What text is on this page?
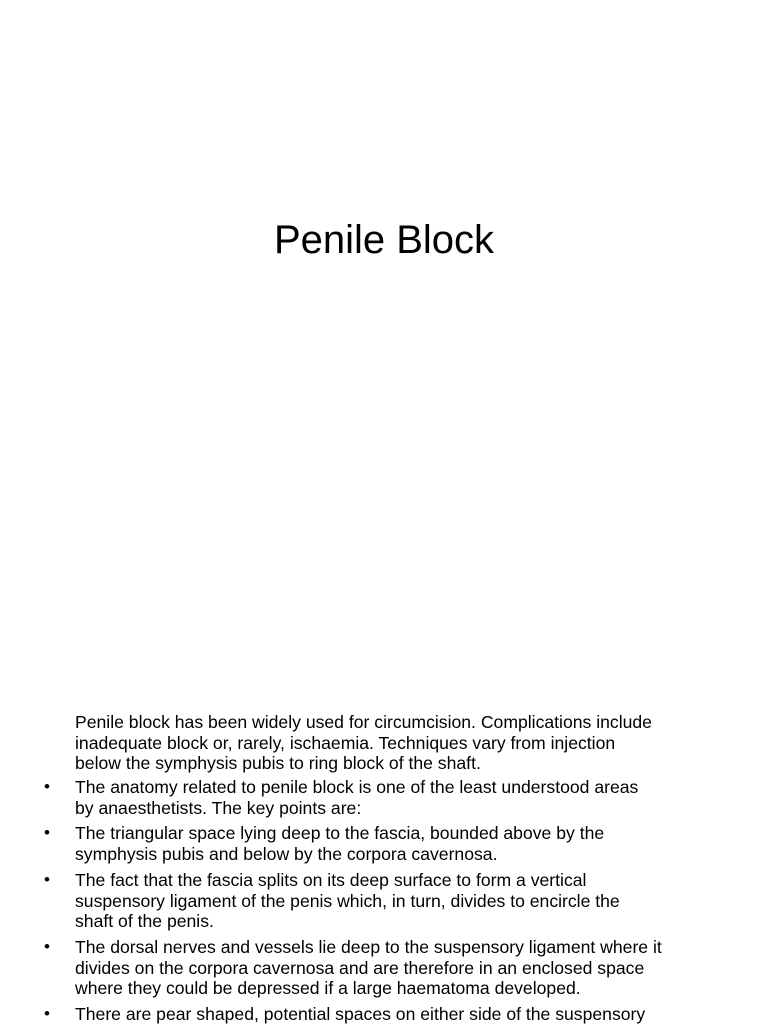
Penile Block
Penile block has been widely used for circumcision. Complications include
inadequate block or, rarely, ischaemia. Techniques vary from injection
below the symphysis pubis to ring block of the shaft.
• The anatomy related to penile block is one of the least understood areas
by anaesthetists. The key points are:
• The triangular space lying deep to the fascia, bounded above by the
symphysis pubis and below by the corpora cavernosa.
• The fact that the fascia splits on its deep surface to form a vertical
suspensory ligament of the penis which, in turn, divides to encircle the
shaft of the penis.
• The dorsal nerves and vessels lie deep to the suspensory ligament where it
divides on the corpora cavernosa and are therefore in an enclosed space
where they could be depressed if a large haematoma developed.
• There are pear shaped, potential spaces on either side of the suspensory
